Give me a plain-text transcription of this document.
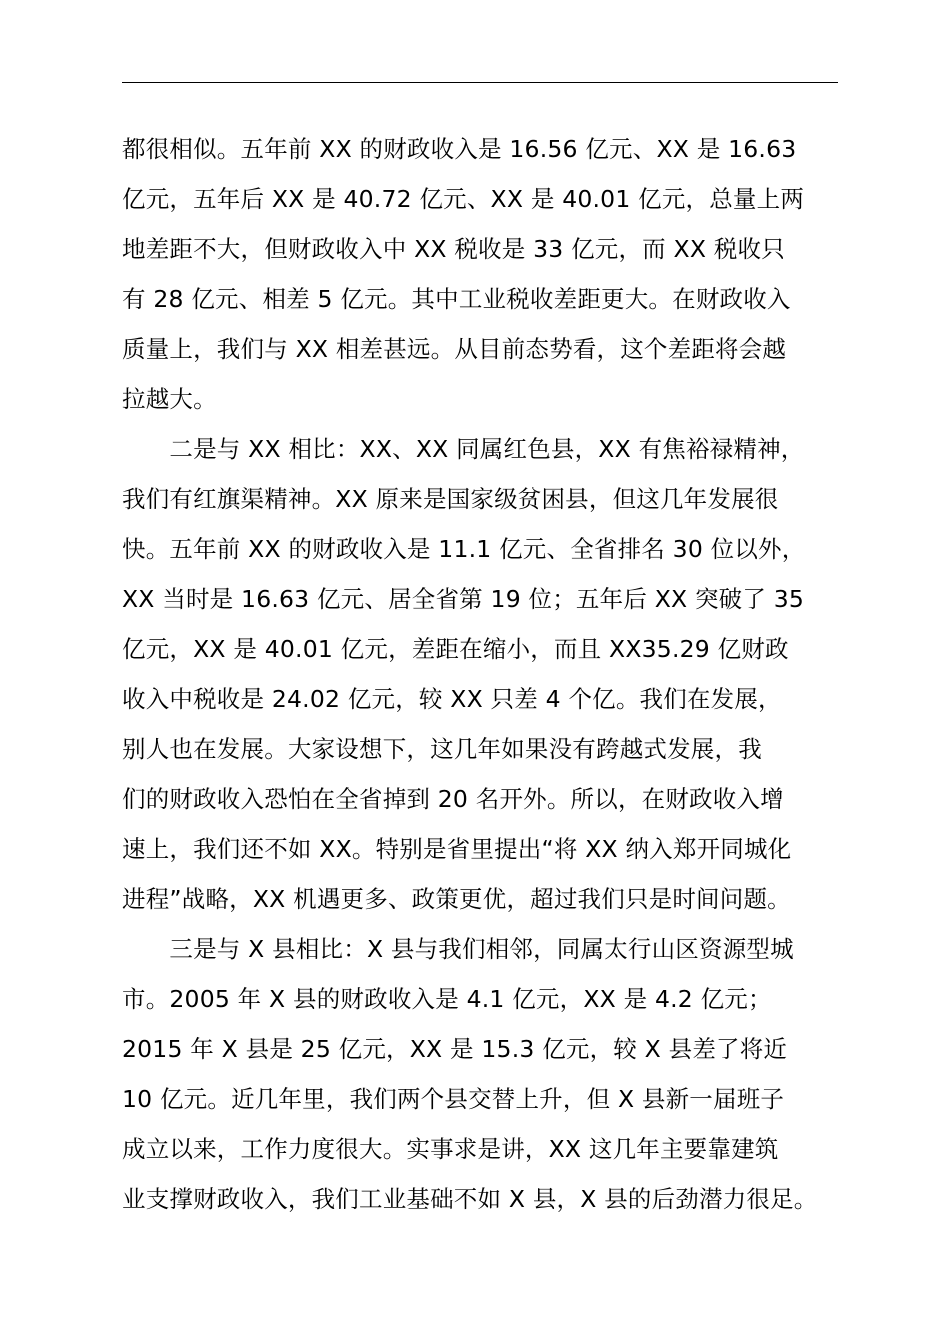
都很相似。五年前 XX 的财政收入是 16.56 亿元、XX 是 16.63
亿元，五年后 XX 是 40.72 亿元、XX 是 40.01 亿元，总量上两
地差距不大，但财政收入中 XX 税收是 33 亿元，而 XX 税收只
有 28 亿元、相差 5 亿元。其中工业税收差距更大。在财政收入
质量上，我们与 XX 相差甚远。从目前态势看，这个差距将会越
拉越大。
　　二是与 XX 相比：XX、XX 同属红色县，XX 有焦裕禄精神，
我们有红旗渠精神。XX 原来是国家级贫困县，但这几年发展很
快。五年前 XX 的财政收入是 11.1 亿元、全省排名 30 位以外，
XX 当时是 16.63 亿元、居全省第 19 位；五年后 XX 突破了 35
亿元，XX 是 40.01 亿元，差距在缩小，而且 XX35.29 亿财政
收入中税收是 24.02 亿元，较 XX 只差 4 个亿。我们在发展，
别人也在发展。大家设想下，这几年如果没有跨越式发展，我
们的财政收入恐怕在全省掉到 20 名开外。所以，在财政收入增
速上，我们还不如 XX。特别是省里提出“将 XX 纳入郑开同城化
进程”战略，XX 机遇更多、政策更优，超过我们只是时间问题。
　　三是与 X 县相比：X 县与我们相邻，同属太行山区资源型城
市。2005 年 X 县的财政收入是 4.1 亿元，XX 是 4.2 亿元；
2015 年 X 县是 25 亿元，XX 是 15.3 亿元，较 X 县差了将近
10 亿元。近几年里，我们两个县交替上升，但 X 县新一届班子
成立以来，工作力度很大。实事求是讲，XX 这几年主要靠建筑
业支撑财政收入，我们工业基础不如 X 县，X 县的后劲潜力很足。
